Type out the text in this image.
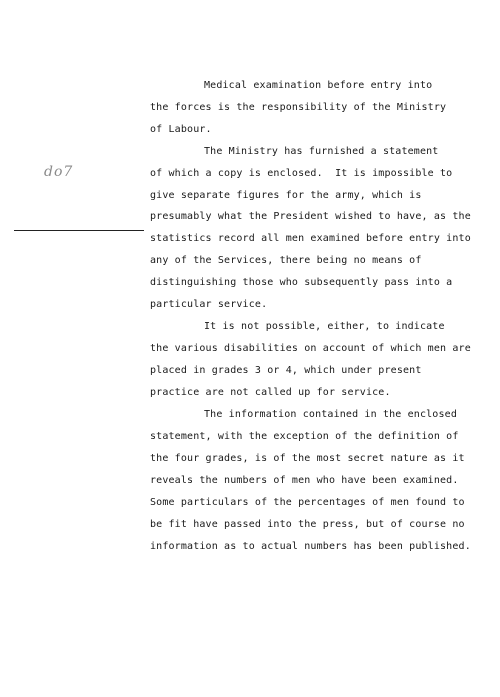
do7
Medical examination before entry into
the forces is the responsibility of the Ministry
of Labour.
The Ministry has furnished a statement
of which a copy is enclosed.  It is impossible to
give separate figures for the army, which is
presumably what the President wished to have, as the
statistics record all men examined before entry into
any of the Services, there being no means of
distinguishing those who subsequently pass into a
particular service.
It is not possible, either, to indicate
the various disabilities on account of which men are
placed in grades 3 or 4, which under present
practice are not called up for service.
The information contained in the enclosed
statement, with the exception of the definition of
the four grades, is of the most secret nature as it
reveals the numbers of men who have been examined.
Some particulars of the percentages of men found to
be fit have passed into the press, but of course no
information as to actual numbers has been published.
